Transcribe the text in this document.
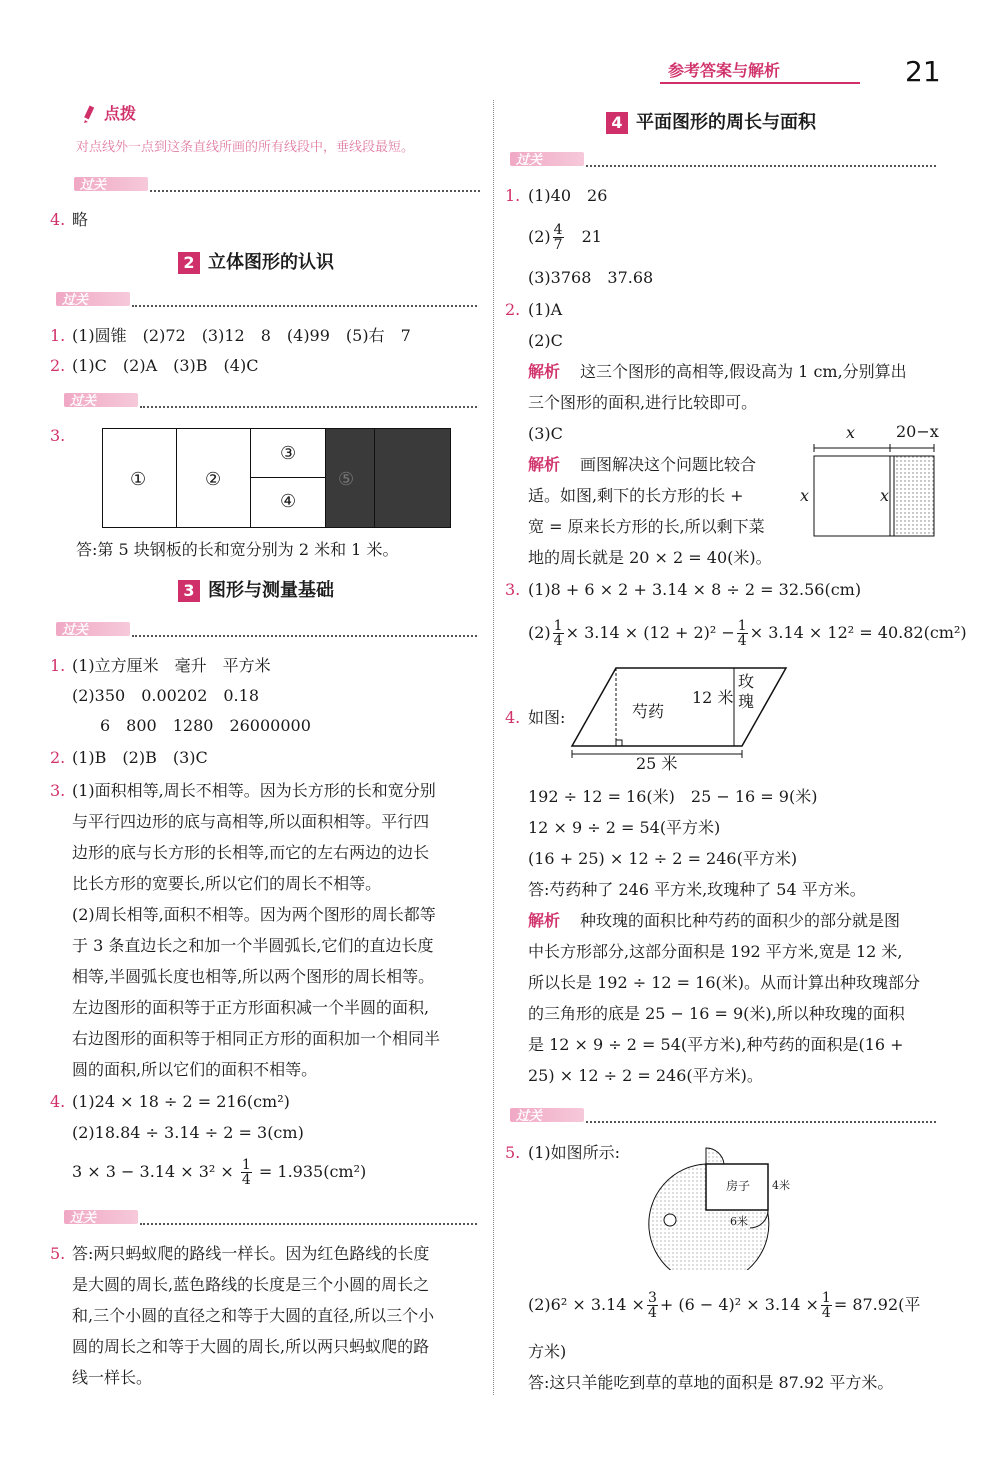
参考答案与解析	21
点拨
对点线外一点到这条直线所画的所有线段中，垂线段最短。
过关
4. 略
2 立体图形的认识
过关
1. (1)圆锥　(2)72　(3)12　8　(4)99　(5)右　7
2. (1)C　(2)A　(3)B　(4)C
过关
3.
①	②
③
④
⑤
答:第 5 块钢板的长和宽分别为 2 米和 1 米。
3 图形与测量基础
过关
1. (1)立方厘米　毫升　平方米
(2)350　0.00202　0.18
6　800　1280　26000000
2. (1)B　(2)B　(3)C
3. (1)面积相等,周长不相等。因为长方形的长和宽分别
与平行四边形的底与高相等,所以面积相等。平行四
边形的底与长方形的长相等,而它的左右两边的边长
比长方形的宽要长,所以它们的周长不相等。
(2)周长相等,面积不相等。因为两个图形的周长都等
于 3 条直边长之和加一个半圆弧长,它们的直边长度
相等,半圆弧长度也相等,所以两个图形的周长相等。
左边图形的面积等于正方形面积减一个半圆的面积,
右边图形的面积等于相同正方形的面积加一个相同半
圆的面积,所以它们的面积不相等。
4. (1)24 × 18 ÷ 2 = 216(cm²)
(2)18.84 ÷ 3.14 ÷ 2 = 3(cm)
$3 \times 3 - 3.14 \times 3^2 \times \frac{1}{4} = 1.935(cm^2)$
过关
5. 答:两只蚂蚁爬的路线一样长。因为红色路线的长度
是大圆的周长,蓝色路线的长度是三个小圆的周长之
和,三个小圆的直径之和等于大圆的直径,所以三个小
圆的周长之和等于大圆的周长,所以两只蚂蚁爬的路
线一样长。
4 平面图形的周长与面积
过关
1. (1)40　26
$(2) \frac{4}{7}$
　 21
(3)3768　37.68
2. (1)A
(2)C
解析 这三个图形的高相等,假设高为 1 cm,分别算出
三个图形的面积,进行比较即可。
(3)C
解析 画图解决这个问题比较合
适。如图,剩下的长方形的长 +
宽 = 原来长方形的长,所以剩下菜
地的周长就是 20 × 2 = 40(米)。
x	20−x
x	x
3. (1)8 + 6 × 2 + 3.14 × 8 ÷ 2 = 32.56(cm)
$(2) \frac{1}{4} \times 3.14 \times (12 + 2)^2 - \frac{1}{4} \times 3.14 \times 12^2 = 40.82(cm^2)$
4. 如图:	芍药
12 米
玫瑰
25 米
192 ÷ 12 = 16(米)　25 − 16 = 9(米)
12 × 9 ÷ 2 = 54(平方米)
(16 + 25) × 12 ÷ 2 = 246(平方米)
答:芍药种了 246 平方米,玫瑰种了 54 平方米。
解析 种玫瑰的面积比种芍药的面积少的部分就是图
中长方形部分,这部分面积是 192 平方米,宽是 12 米,
所以长是 192 ÷ 12 = 16(米)。从而计算出种玫瑰部分
的三角形的底是 25 − 16 = 9(米),所以种玫瑰的面积
是 12 × 9 ÷ 2 = 54(平方米),种芍药的面积是(16 +
25) × 12 ÷ 2 = 246(平方米)。
过关
5. (1)如图所示:
房子 4米
6米
$(2)6^2 \times 3.14 \times \frac{3}{4} + (6 - 4)^2 \times 3.14 \times \frac{1}{4} = 87.92$(平
方米)
答:这只羊能吃到草的草地的面积是 87.92 平方米。
